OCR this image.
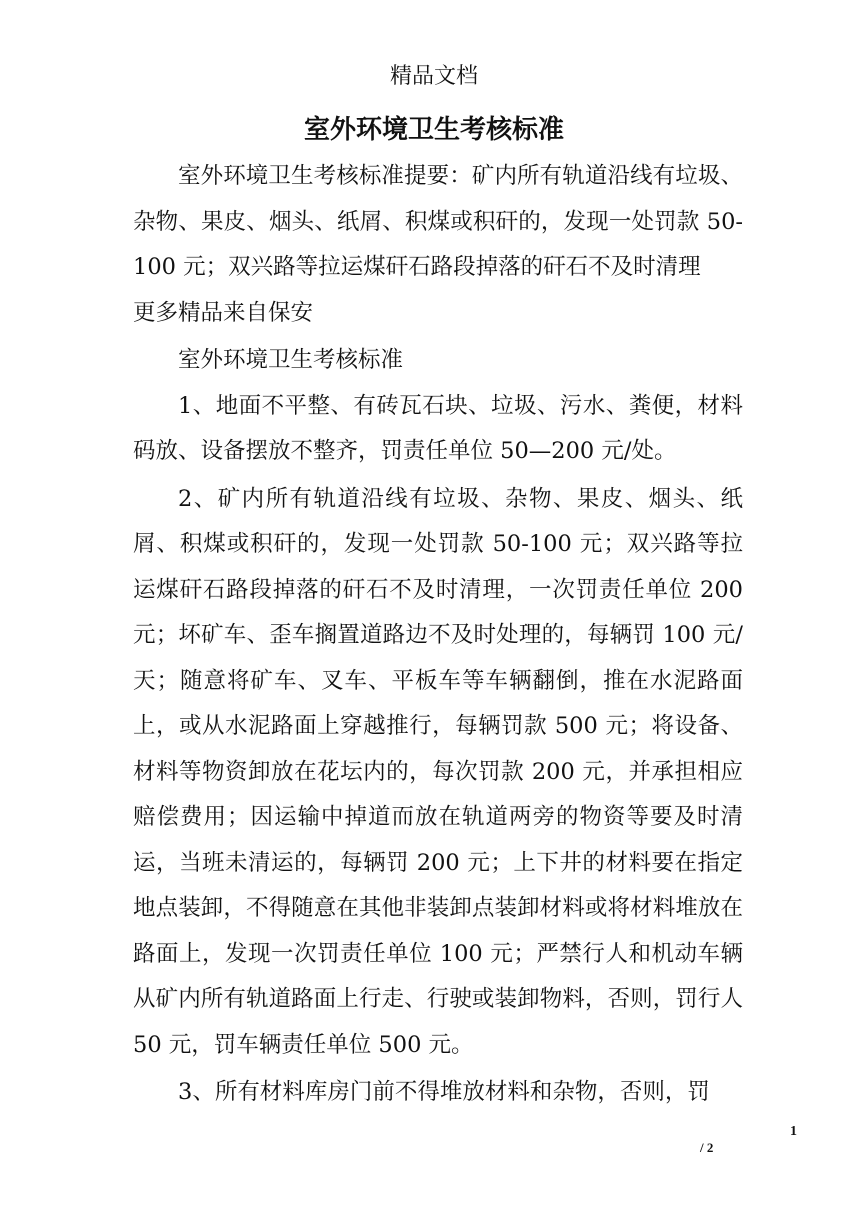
精品文档
室外环境卫生考核标准

室外环境卫生考核标准提要：矿内所有轨道沿线有垃圾、杂物、果皮、烟头、纸屑、积煤或积矸的，发现一处罚款 50-100 元；双兴路等拉运煤矸石路段掉落的矸石不及时清理

更多精品来自保安

室外环境卫生考核标准

1、地面不平整、有砖瓦石块、垃圾、污水、粪便，材料码放、设备摆放不整齐，罚责任单位 50—200 元/处。

2、矿内所有轨道沿线有垃圾、杂物、果皮、烟头、纸屑、积煤或积矸的，发现一处罚款 50-100 元；双兴路等拉运煤矸石路段掉落的矸石不及时清理，一次罚责任单位 200 元；坏矿车、歪车搁置道路边不及时处理的，每辆罚 100 元/天；随意将矿车、叉车、平板车等车辆翻倒，推在水泥路面上，或从水泥路面上穿越推行，每辆罚款 500 元；将设备、材料等物资卸放在花坛内的，每次罚款 200 元，并承担相应赔偿费用；因运输中掉道而放在轨道两旁的物资等要及时清运，当班未清运的，每辆罚 200 元；上下井的材料要在指定地点装卸，不得随意在其他非装卸点装卸材料或将材料堆放在路面上，发现一次罚责任单位 100 元；严禁行人和机动车辆从矿内所有轨道路面上行走、行驶或装卸物料，否则，罚行人 50 元，罚车辆责任单位 500 元。

3、所有材料库房门前不得堆放材料和杂物，否则，罚

1
/ 2
